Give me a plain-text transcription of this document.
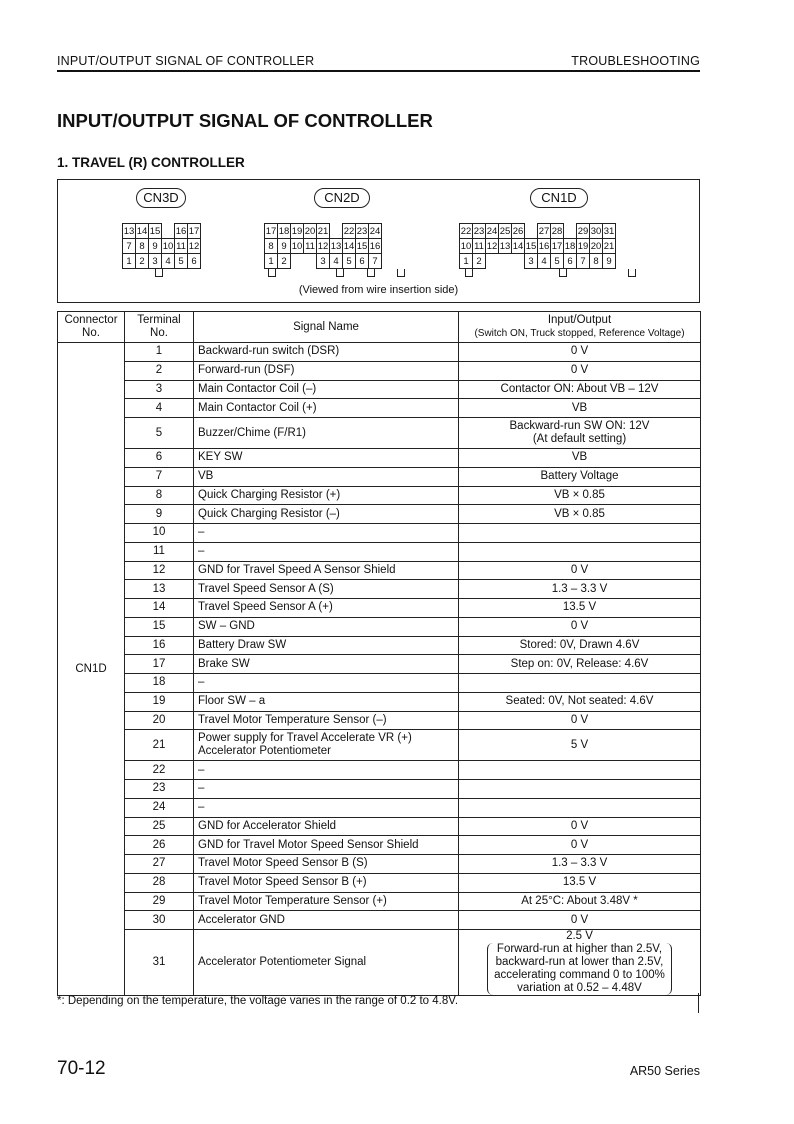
INPUT/OUTPUT SIGNAL OF CONTROLLER	TROUBLESHOOTING
INPUT/OUTPUT SIGNAL OF CONTROLLER
1. TRAVEL (R) CONTROLLER
CN3D	CN2D	CN1D
13	14	15		16	17
7	8	9	10	11	12
1	2	3	4	5	6
17	18	19	20	21		22	23	24
8	9	10	11	12	13	14	15	16
1	2			3	4	5	6	7
22	23	24	25	26		27	28		29	30	31
10	11	12	13	14	15	16	17	18	19	20	21
1	2				3	4	5	6	7	8	9
(Viewed from wire insertion side)
Connector No.	Terminal No.	Signal Name	Input/Output
(Switch ON, Truck stopped, Reference Voltage)

CN1D	1	Backward-run switch (DSR)	0 V

	2	Forward-run (DSF)	0 V

	3	Main Contactor Coil (–)	Contactor ON: About VB – 12V

	4	Main Contactor Coil (+)	VB

	5	Buzzer/Chime (F/R1)	Backward-run SW ON: 12V
(At default setting)

	6	KEY SW	VB

	7	VB	Battery Voltage

	8	Quick Charging Resistor (+)	VB × 0.85

	9	Quick Charging Resistor (–)	VB × 0.85

	10	–	

	11	–	

	12	GND for Travel Speed A Sensor Shield	0 V

	13	Travel Speed Sensor A (S)	1.3 – 3.3 V

	14	Travel Speed Sensor A (+)	13.5 V

	15	SW – GND	0 V

	16	Battery Draw SW	Stored: 0V, Drawn 4.6V

	17	Brake SW	Step on: 0V, Release: 4.6V

	18	–	

	19	Floor SW – a	Seated: 0V, Not seated: 4.6V

	20	Travel Motor Temperature Sensor (–)	0 V

	21	Power supply for Travel Accelerate VR (+)
Accelerator Potentiometer	5 V

	22	–	

	23	–	

	24	–	

	25	GND for Accelerator Shield	0 V

	26	GND for Travel Motor Speed Sensor Shield	0 V

	27	Travel Motor Speed Sensor B (S)	1.3 – 3.3 V

	28	Travel Motor Speed Sensor B (+)	13.5 V

	29	Travel Motor Temperature Sensor (+)	At 25°C: About 3.48V *

	30	Accelerator GND	0 V

	31	Accelerator Potentiometer Signal	2.5 V
Forward-run at higher than 2.5V,
backward-run at lower than 2.5V,
accelerating command 0 to 100%
variation at 0.52 – 4.48V
*: Depending on the temperature, the voltage varies in the range of 0.2 to 4.8V.
70-12	AR50 Series
